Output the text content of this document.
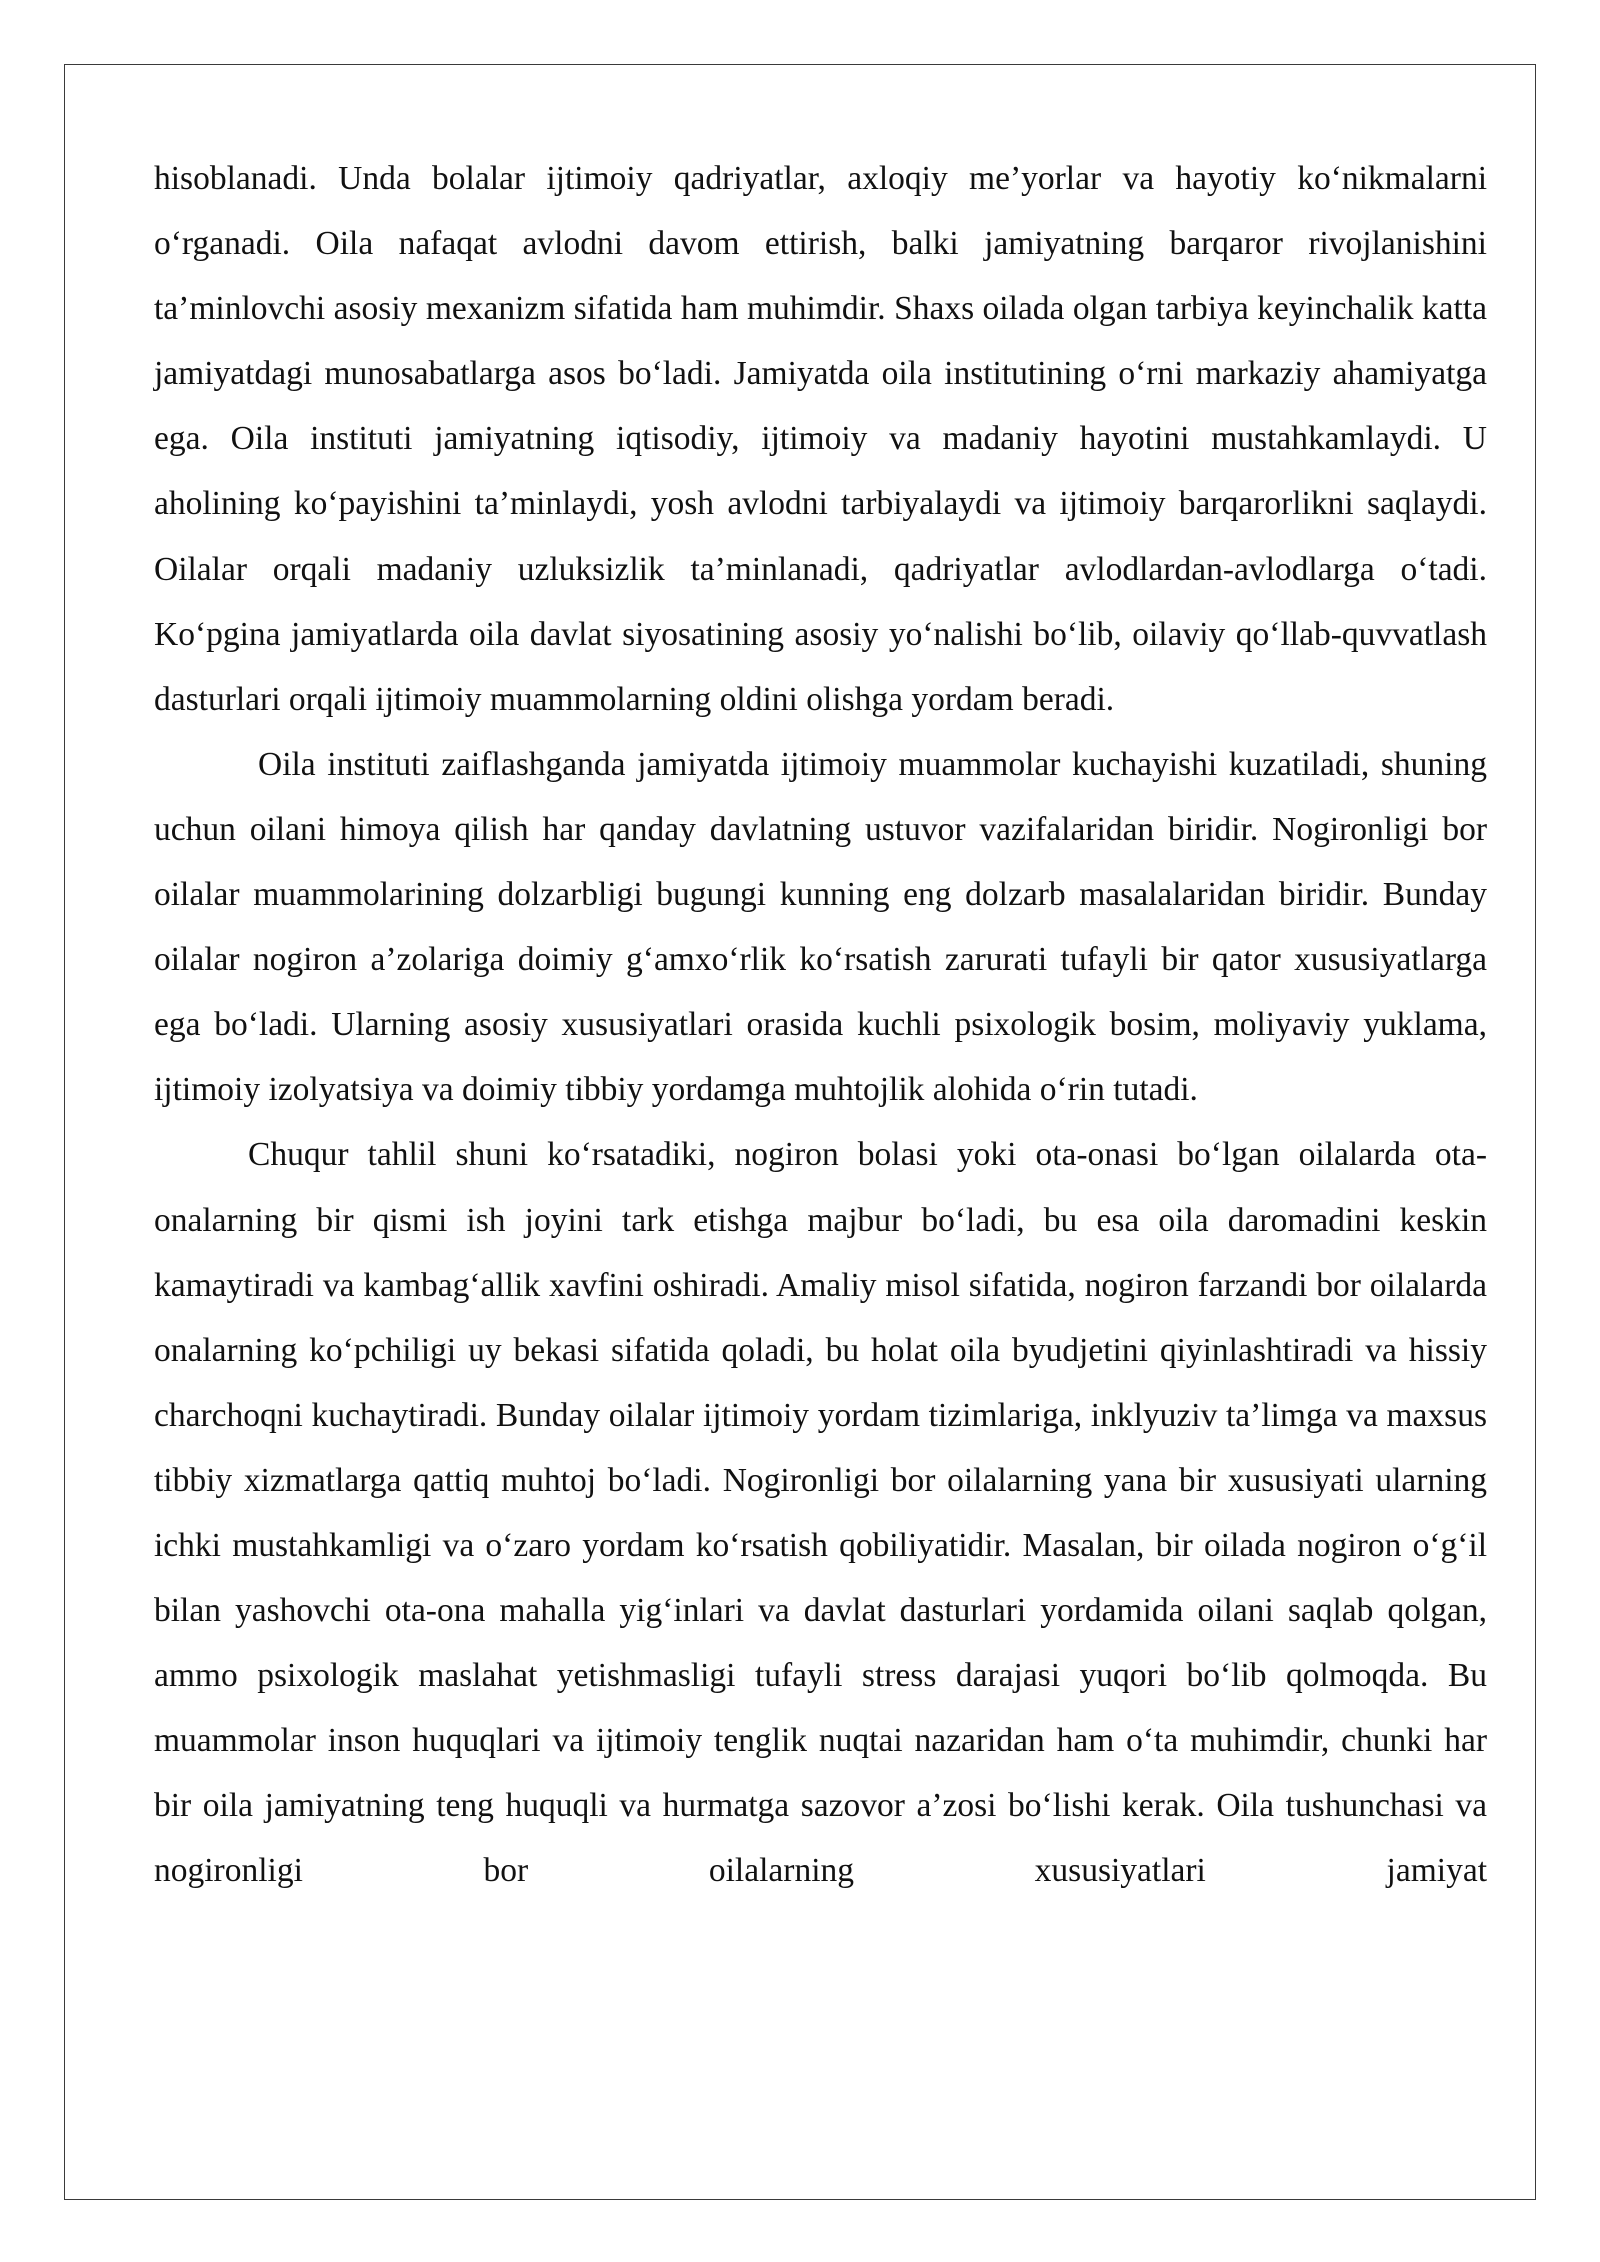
hisoblanadi. Unda bolalar ijtimoiy qadriyatlar, axloqiy me’yorlar va hayotiy ko‘nikmalarni o‘rganadi. Oila nafaqat avlodni davom ettirish, balki jamiyatning barqaror rivojlanishini ta’minlovchi asosiy mexanizm sifatida ham muhimdir. Shaxs oilada olgan tarbiya keyinchalik katta jamiyatdagi munosabatlarga asos bo‘ladi. Jamiyatda oila institutining o‘rni markaziy ahamiyatga ega. Oila instituti jamiyatning iqtisodiy, ijtimoiy va madaniy hayotini mustahkamlaydi. U aholining ko‘payishini ta’minlaydi, yosh avlodni tarbiyalaydi va ijtimoiy barqarorlikni saqlaydi. Oilalar orqali madaniy uzluksizlik ta’minlanadi, qadriyatlar avlodlardan-avlodlarga o‘tadi. Ko‘pgina jamiyatlarda oila davlat siyosatining asosiy yo‘nalishi bo‘lib, oilaviy qo‘llab-quvvatlash dasturlari orqali ijtimoiy muammolarning oldini olishga yordam beradi.

Oila instituti zaiflashganda jamiyatda ijtimoiy muammolar kuchayishi kuzatiladi, shuning uchun oilani himoya qilish har qanday davlatning ustuvor vazifalaridan biridir. Nogironligi bor oilalar muammolarining dolzarbligi bugungi kunning eng dolzarb masalalaridan biridir. Bunday oilalar nogiron a’zolariga doimiy g‘amxo‘rlik ko‘rsatish zarurati tufayli bir qator xususiyatlarga ega bo‘ladi. Ularning asosiy xususiyatlari orasida kuchli psixologik bosim, moliyaviy yuklama, ijtimoiy izolyatsiya va doimiy tibbiy yordamga muhtojlik alohida o‘rin tutadi.

Chuqur tahlil shuni ko‘rsatadiki, nogiron bolasi yoki ota-onasi bo‘lgan oilalarda ota-onalarning bir qismi ish joyini tark etishga majbur bo‘ladi, bu esa oila daromadini keskin kamaytiradi va kambag‘allik xavfini oshiradi. Amaliy misol sifatida, nogiron farzandi bor oilalarda onalarning ko‘pchiligi uy bekasi sifatida qoladi, bu holat oila byudjetini qiyinlashtiradi va hissiy charchoqni kuchaytiradi. Bunday oilalar ijtimoiy yordam tizimlariga, inklyuziv ta’limga va maxsus tibbiy xizmatlarga qattiq muhtoj bo‘ladi. Nogironligi bor oilalarning yana bir xususiyati ularning ichki mustahkamligi va o‘zaro yordam ko‘rsatish qobiliyatidir. Masalan, bir oilada nogiron o‘g‘il bilan yashovchi ota-ona mahalla yig‘inlari va davlat dasturlari yordamida oilani saqlab qolgan, ammo psixologik maslahat yetishmasligi tufayli stress darajasi yuqori bo‘lib qolmoqda. Bu muammolar inson huquqlari va ijtimoiy tenglik nuqtai nazaridan ham o‘ta muhimdir, chunki har bir oila jamiyatning teng huquqli va hurmatga sazovor a’zosi bo‘lishi kerak. Oila tushunchasi va nogironligi bor oilalarning xususiyatlari jamiyat
